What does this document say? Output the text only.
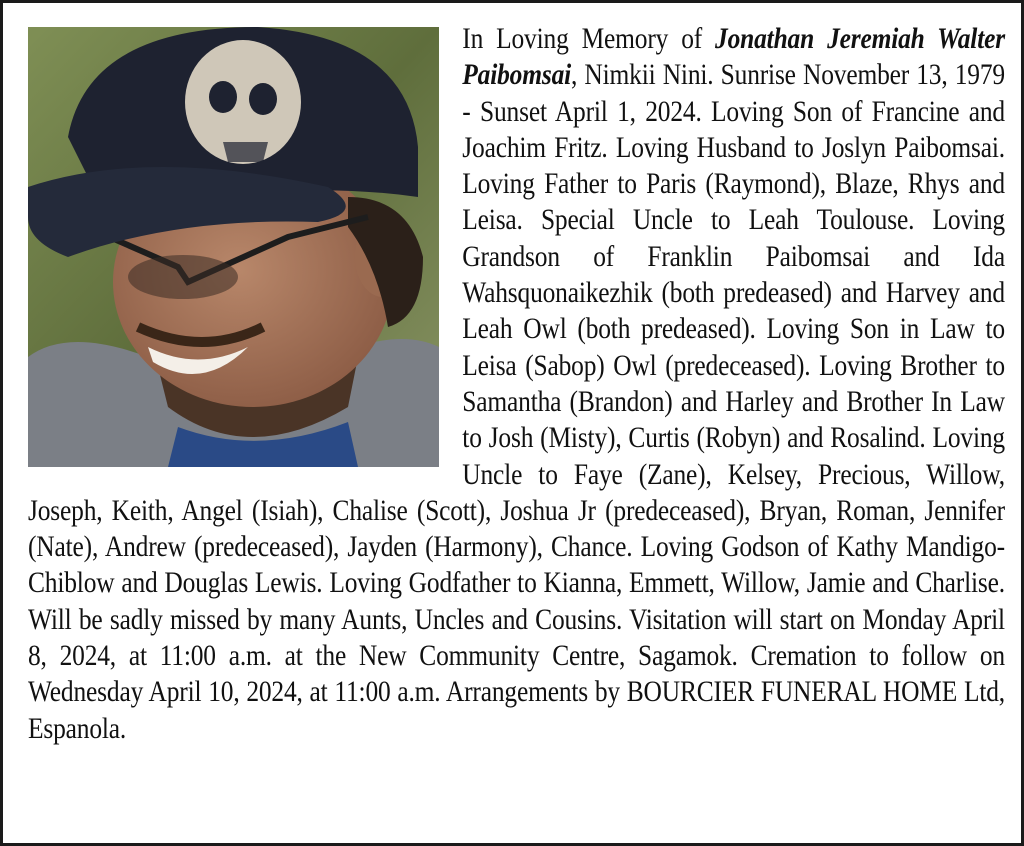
In Loving Memory of Jonathan Jeremiah Walter Paibomsai, Nimkii Nini. Sunrise November 13, 1979 - Sunset April 1, 2024. Loving Son of Francine and Joachim Fritz. Loving Husband to Joslyn Paibomsai. Loving Father to Paris (Raymond), Blaze, Rhys and Leisa. Special Uncle to Leah Toulouse. Loving Grandson of Franklin Paibomsai and Ida Wahsquonaikezhik (both predeased) and Harvey and Leah Owl (both predeased). Loving Son in Law to Leisa (Sabop) Owl (predeceased). Loving Brother to Samantha (Brandon) and Harley and Brother In Law to Josh (Misty), Curtis (Robyn) and Rosalind. Loving Uncle to Faye (Zane), Kelsey, Precious, Willow, Joseph, Keith, Angel (Isiah), Chalise (Scott), Joshua Jr (predeceased), Bryan, Roman, Jennifer (Nate), Andrew (predeceased), Jayden (Harmony), Chance. Loving Godson of Kathy Mandigo-Chiblow and Douglas Lewis. Loving Godfather to Kianna, Emmett, Willow, Jamie and Charlise. Will be sadly missed by many Aunts, Uncles and Cousins. Visitation will start on Monday April 8, 2024, at 11:00 a.m. at the New Community Centre, Sagamok. Cremation to follow on Wednesday April 10, 2024, at 11:00 a.m. Arrangements by BOURCIER FUNERAL HOME Ltd, Espanola.
